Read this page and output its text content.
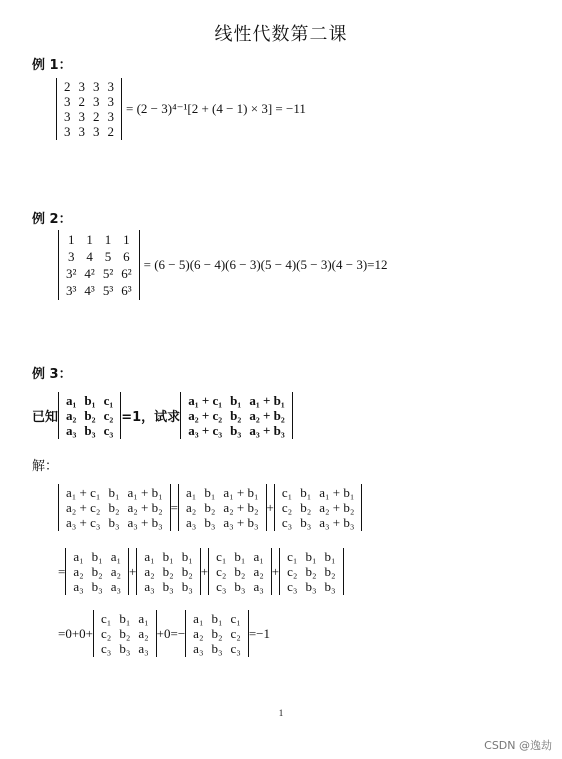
线性代数第二课
例 1：
2 3 3 3
3 2 3 3
3 3 2 3
3 3 3 2
= (2 − 3)⁴⁻¹[2 + (4 − 1) × 3] = −11
例 2：
1 1 1 1
3 4 5 6
3² 4² 5² 6²
3³ 4³ 5³ 6³
= (6 − 5)(6 − 4)(6 − 3)(5 − 4)(5 − 3)(4 − 3)=12
例 3：
已知
a₁ b₁ c₁
a₂ b₂ c₂
a₃ b₃ c₃
=1，试求
a₁ + c₁ b₁ a₁ + b₁
a₂ + c₂ b₂ a₂ + b₂
a₃ + c₃ b₃ a₃ + b₃
解：
a₁ + c₁ b₁ a₁ + b₁
a₂ + c₂ b₂ a₂ + b₂
a₃ + c₃ b₃ a₃ + b₃
=
a₁ b₁ a₁ + b₁
a₂ b₂ a₂ + b₂
a₃ b₃ a₃ + b₃
+
c₁ b₁ a₁ + b₁
c₂ b₂ a₂ + b₂
c₃ b₃ a₃ + b₃
=
a₁ b₁ a₁
a₂ b₂ a₂
a₃ b₃ a₃
+
a₁ b₁ b₁
a₂ b₂ b₂
a₃ b₃ b₃
+
c₁ b₁ a₁
c₂ b₂ a₂
c₃ b₃ a₃
+
c₁ b₁ b₁
c₂ b₂ b₂
c₃ b₃ b₃
=0+0+
c₁ b₁ a₁
c₂ b₂ a₂
c₃ b₃ a₃
+0=−
a₁ b₁ c₁
a₂ b₂ c₂
a₃ b₃ c₃
=−1
1
CSDN @逸劫
